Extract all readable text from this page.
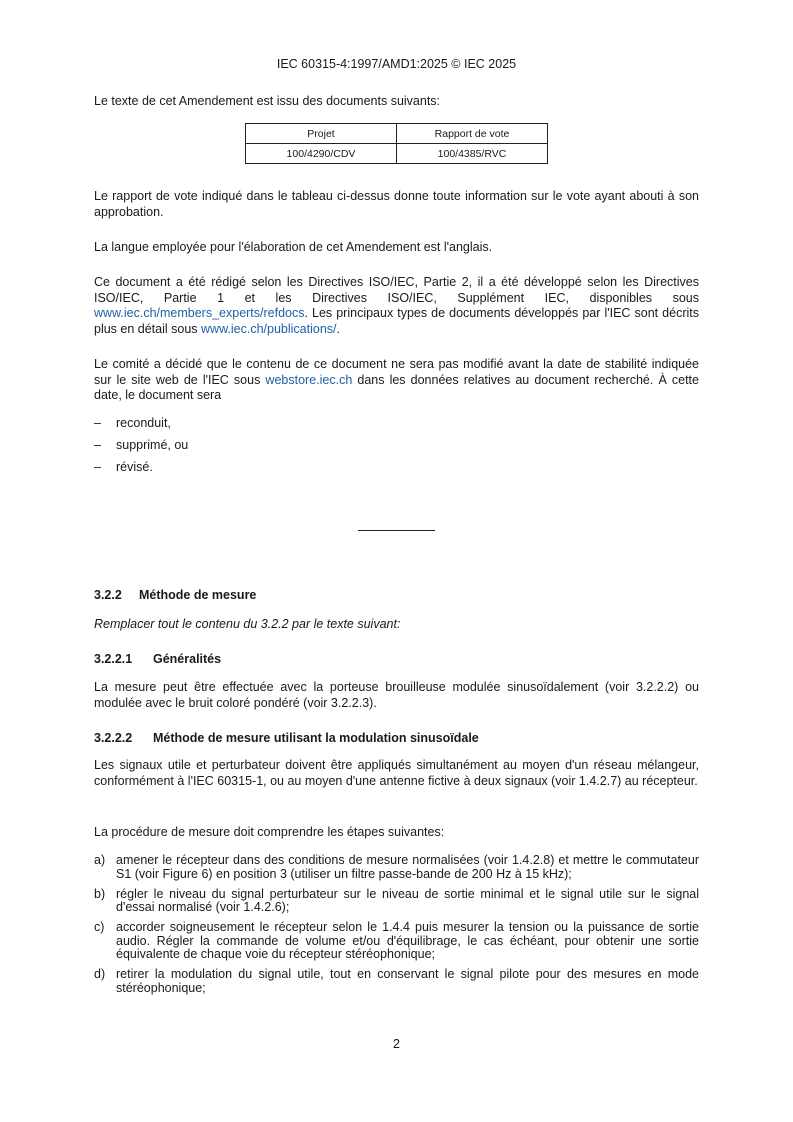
IEC 60315-4:1997/AMD1:2025 © IEC 2025

Le texte de cet Amendement est issu des documents suivants:

Projet	Rapport de vote
100/4290/CDV	100/4385/RVC

Le rapport de vote indiqué dans le tableau ci-dessus donne toute information sur le vote ayant abouti à son approbation.

La langue employée pour l'élaboration de cet Amendement est l'anglais.

Ce document a été rédigé selon les Directives ISO/IEC, Partie 2, il a été développé selon les Directives ISO/IEC, Partie 1 et les Directives ISO/IEC, Supplément IEC, disponibles sous www.iec.ch/members_experts/refdocs. Les principaux types de documents développés par l'IEC sont décrits plus en détail sous www.iec.ch/publications/.

Le comité a décidé que le contenu de ce document ne sera pas modifié avant la date de stabilité indiquée sur le site web de l'IEC sous webstore.iec.ch dans les données relatives au document recherché. À cette date, le document sera

– reconduit,
– supprimé, ou
– révisé.
3.2.2 Méthode de mesure

Remplacer tout le contenu du 3.2.2 par le texte suivant:

3.2.2.1 Généralités

La mesure peut être effectuée avec la porteuse brouilleuse modulée sinusoïdalement (voir 3.2.2.2) ou modulée avec le bruit coloré pondéré (voir 3.2.2.3).

3.2.2.2 Méthode de mesure utilisant la modulation sinusoïdale

Les signaux utile et perturbateur doivent être appliqués simultanément au moyen d'un réseau mélangeur, conformément à l'IEC 60315-1, ou au moyen d'une antenne fictive à deux signaux (voir 1.4.2.7) au récepteur.

La procédure de mesure doit comprendre les étapes suivantes:

a) amener le récepteur dans des conditions de mesure normalisées (voir 1.4.2.8) et mettre le commutateur S1 (voir Figure 6) en position 3 (utiliser un filtre passe-bande de 200 Hz à 15 kHz);
b) régler le niveau du signal perturbateur sur le niveau de sortie minimal et le signal utile sur le signal d'essai normalisé (voir 1.4.2.6);
c) accorder soigneusement le récepteur selon le 1.4.4 puis mesurer la tension ou la puissance de sortie audio. Régler la commande de volume et/ou d'équilibrage, le cas échéant, pour obtenir une sortie équivalente de chaque voie du récepteur stéréophonique;
d) retirer la modulation du signal utile, tout en conservant le signal pilote pour des mesures en mode stéréophonique;
2
